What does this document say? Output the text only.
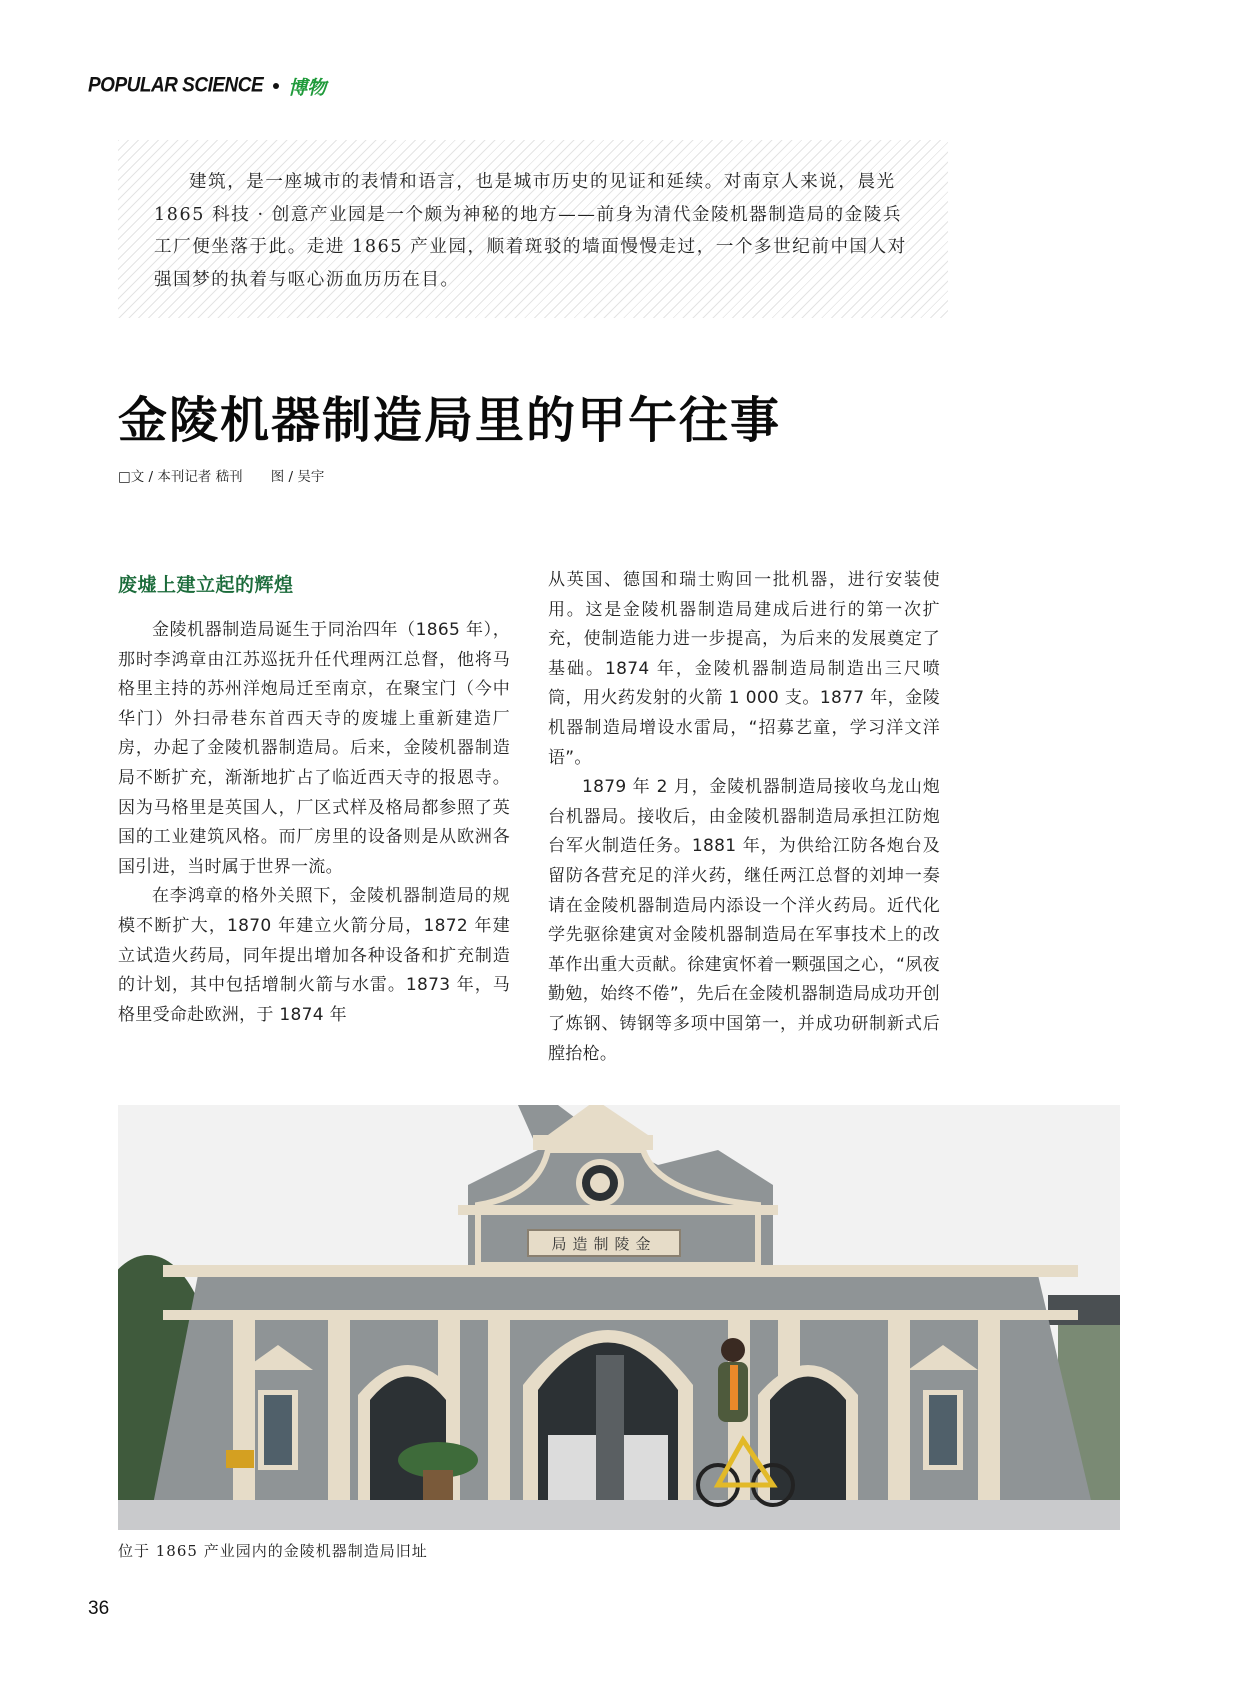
POPULAR SCIENCE 博物

建筑，是一座城市的表情和语言，也是城市历史的见证和延续。对南京人来说，晨光 1865 科技 · 创意产业园是一个颇为神秘的地方——前身为清代金陵机器制造局的金陵兵工厂便坐落于此。走进 1865 产业园，顺着斑驳的墙面慢慢走过，一个多世纪前中国人对强国梦的执着与呕心沥血历历在目。

金陵机器制造局里的甲午往事
□文 / 本刊记者 嵇刊 图 / 吴宇
废墟上建立起的辉煌

金陵机器制造局诞生于同治四年（1865 年），那时李鸿章由江苏巡抚升任代理两江总督，他将马格里主持的苏州洋炮局迁至南京，在聚宝门（今中华门）外扫帚巷东首西天寺的废墟上重新建造厂房，办起了金陵机器制造局。后来，金陵机器制造局不断扩充，渐渐地扩占了临近西天寺的报恩寺。因为马格里是英国人，厂区式样及格局都参照了英国的工业建筑风格。而厂房里的设备则是从欧洲各国引进，当时属于世界一流。

在李鸿章的格外关照下，金陵机器制造局的规模不断扩大，1870 年建立火箭分局，1872 年建立试造火药局，同年提出增加各种设备和扩充制造的计划，其中包括增制火箭与水雷。1873 年，马格里受命赴欧洲，于 1874 年

从英国、德国和瑞士购回一批机器，进行安装使用。这是金陵机器制造局建成后进行的第一次扩充，使制造能力进一步提高，为后来的发展奠定了基础。1874 年，金陵机器制造局制造出三尺喷筒，用火药发射的火箭 1 000 支。1877 年，金陵机器制造局增设水雷局，“招募艺童，学习洋文洋语”。

1879 年 2 月，金陵机器制造局接收乌龙山炮台机器局。接收后，由金陵机器制造局承担江防炮台军火制造任务。1881 年，为供给江防各炮台及留防各营充足的洋火药，继任两江总督的刘坤一奏请在金陵机器制造局内添设一个洋火药局。近代化学先驱徐建寅对金陵机器制造局在军事技术上的改革作出重大贡献。徐建寅怀着一颗强国之心，“夙夜勤勉，始终不倦”，先后在金陵机器制造局成功开创了炼钢、铸钢等多项中国第一，并成功研制新式后膛抬枪。

局造制陵金
位于 1865 产业园内的金陵机器制造局旧址
36
